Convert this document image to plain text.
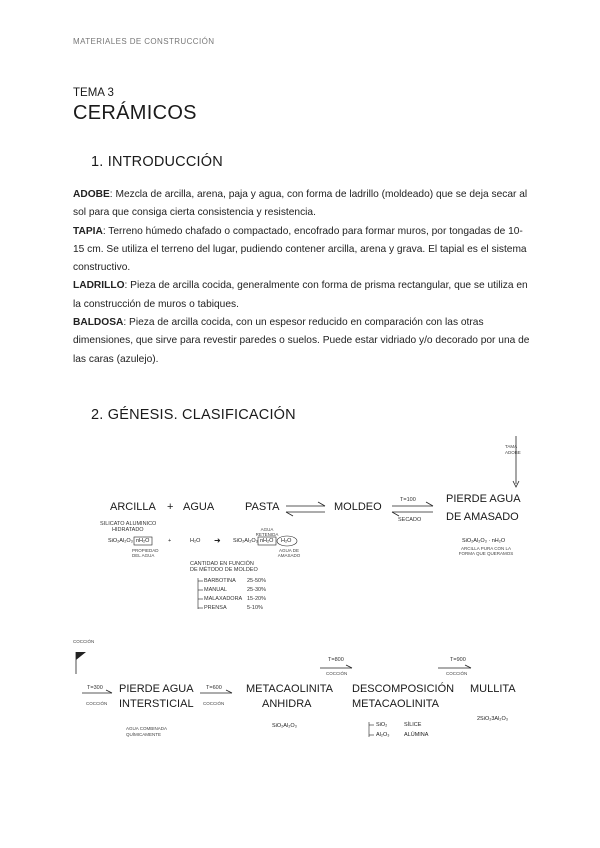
MATERIALES DE CONSTRUCCIÓN
TEMA 3
CERÁMICOS
1. INTRODUCCIÓN

ADOBE: Mezcla de arcilla, arena, paja y agua, con forma de ladrillo (moldeado) que se deja secar al sol para que consiga cierta consistencia y resistencia.

TAPIA: Terreno húmedo chafado o compactado, encofrado para formar muros, por tongadas de 10-15 cm. Se utiliza el terreno del lugar, pudiendo contener arcilla, arena y grava. El tapial es el sistema constructivo.

LADRILLO: Pieza de arcilla cocida, generalmente con forma de prisma rectangular, que se utiliza en la construcción de muros o tabiques.

BALDOSA: Pieza de arcilla cocida, con un espesor reducido en comparación con las otras dimensiones, que sirve para revestir paredes o suelos. Puede estar vidriado y/o decorado por una de las caras (azulejo).

2. GÉNESIS. CLASIFICACIÓN
TAMA ADOBE
ARCILLA + AGUA	PASTA	MOLDEO
PIERDE AGUA
DE AMASADO
T=100
SECADO
SILICATO ALUMINICO
HIDRATADO
SiO₂Al₂O₃ nH₂O
PROPIEDAD DEL AGUA
+	H₂O ➜
AGUA RETENIDA
SiO₂Al₂O₃ nH₂O H₂O
AGUA DE AMASADO
SiO₂Al₂O₃ · nH₂O
ARCILLA PURA CON LA FORMA QUE QUERAMOS
CANTIDAD EN FUNCIÓN
DE MÉTODO DE MOLDEO
BARBOTINA 25-50%
MANUAL	25-30%
MALAXADORA 15-20%
PRENSA	5-10%
COCCIÓN
T=300
COCCIÓN
PIERDE AGUA
INTERSTICIAL
AGUA COMBINADA
QUÍMICAMENTE
T=600
COCCIÓN
METACAOLINITA
ANHIDRA
SiO₂Al₂O₃
T=800
COCCIÓN
DESCOMPOSICIÓN
METACAOLINITA
SiO₂	SÍLICE
Al₂O₃	ALÚMINA
T=900
COCCIÓN
MULLITA
2SiO₂3Al₂O₃
